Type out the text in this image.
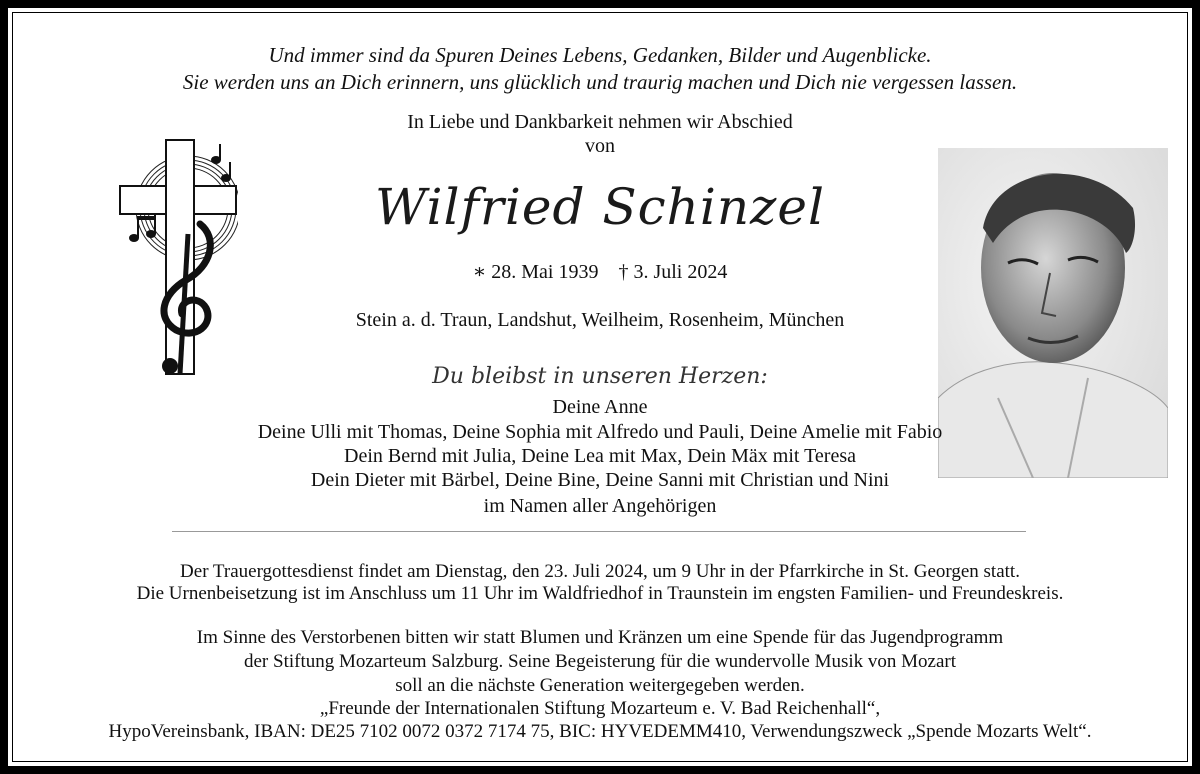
Und immer sind da Spuren Deines Lebens, Gedanken, Bilder und Augenblicke.
Sie werden uns an Dich erinnern, uns glücklich und traurig machen und Dich nie vergessen lassen.
In Liebe und Dankbarkeit nehmen wir Abschied
von
Wilfried Schinzel
∗ 28. Mai 1939 † 3. Juli 2024
Stein a. d. Traun, Landshut, Weilheim, Rosenheim, München
Du bleibst in unseren Herzen:
Deine Anne
Deine Ulli mit Thomas, Deine Sophia mit Alfredo und Pauli, Deine Amelie mit Fabio
Dein Bernd mit Julia, Deine Lea mit Max, Dein Mäx mit Teresa
Dein Dieter mit Bärbel, Deine Bine, Deine Sanni mit Christian und Nini
im Namen aller Angehörigen
Der Trauergottesdienst findet am Dienstag, den 23. Juli 2024, um 9 Uhr in der Pfarrkirche in St. Georgen statt.
Die Urnenbeisetzung ist im Anschluss um 11 Uhr im Waldfriedhof in Traunstein im engsten Familien- und Freundeskreis.
Im Sinne des Verstorbenen bitten wir statt Blumen und Kränzen um eine Spende für das Jugendprogramm
der Stiftung Mozarteum Salzburg. Seine Begeisterung für die wundervolle Musik von Mozart
soll an die nächste Generation weitergegeben werden.
„Freunde der Internationalen Stiftung Mozarteum e. V. Bad Reichenhall“,
HypoVereinsbank, IBAN: DE25 7102 0072 0372 7174 75, BIC: HYVEDEMM410, Verwendungszweck „Spende Mozarts Welt“.
